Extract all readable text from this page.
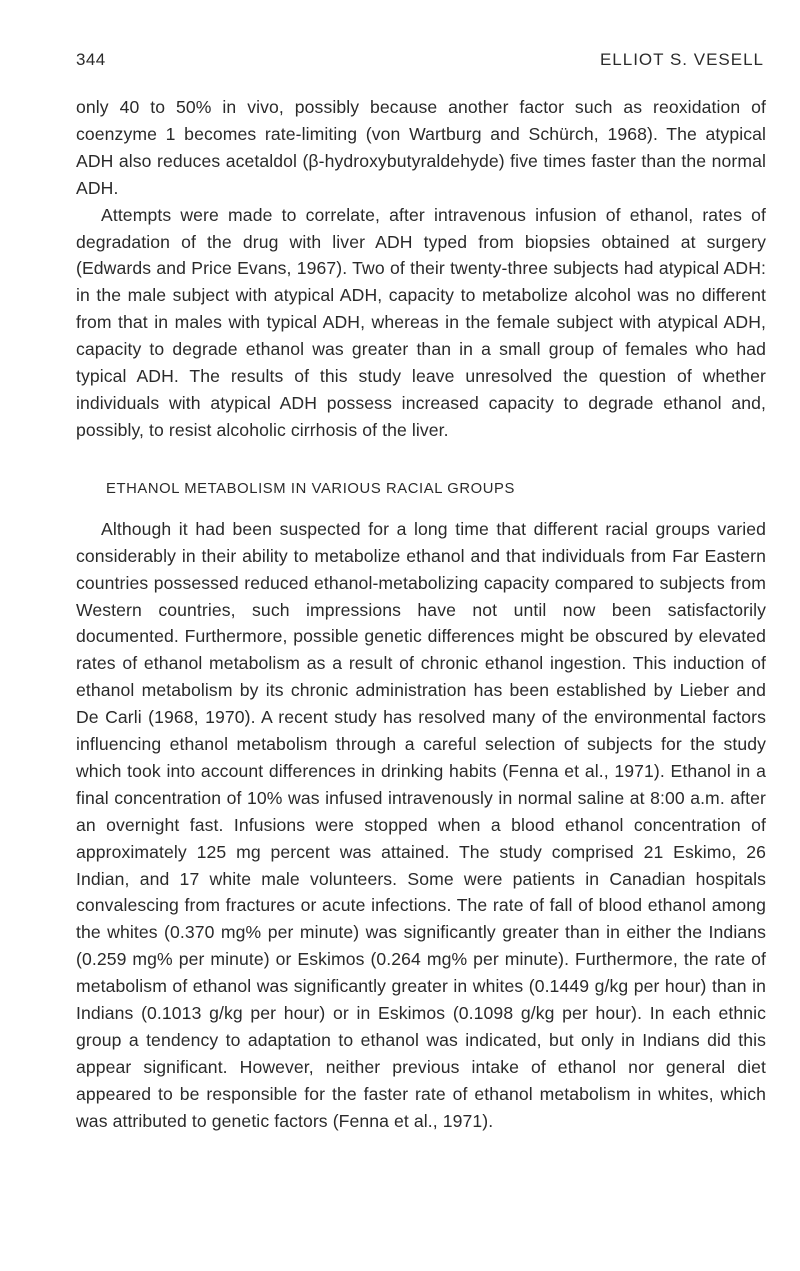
344	ELLIOT S. VESELL

only 40 to 50% in vivo, possibly because another factor such as reoxidation of coenzyme 1 becomes rate-limiting (von Wartburg and Schürch, 1968). The atypical ADH also reduces acetaldol (β-hydroxybutyraldehyde) five times faster than the normal ADH.

Attempts were made to correlate, after intravenous infusion of ethanol, rates of degradation of the drug with liver ADH typed from biopsies obtained at surgery (Edwards and Price Evans, 1967). Two of their twenty-three subjects had atypical ADH: in the male subject with atypical ADH, capacity to metabolize alcohol was no different from that in males with typical ADH, whereas in the female subject with atypical ADH, capacity to degrade ethanol was greater than in a small group of females who had typical ADH. The results of this study leave unresolved the question of whether individuals with atypical ADH possess increased capacity to degrade ethanol and, possibly, to resist alcoholic cirrhosis of the liver.

ETHANOL METABOLISM IN VARIOUS RACIAL GROUPS

Although it had been suspected for a long time that different racial groups varied considerably in their ability to metabolize ethanol and that individuals from Far Eastern countries possessed reduced ethanol-metabolizing capacity compared to subjects from Western countries, such impressions have not until now been satisfactorily documented. Furthermore, possible genetic differences might be obscured by elevated rates of ethanol metabolism as a result of chronic ethanol ingestion. This induction of ethanol metabolism by its chronic administration has been established by Lieber and De Carli (1968, 1970). A recent study has resolved many of the environmental factors influencing ethanol metabolism through a careful selection of subjects for the study which took into account differences in drinking habits (Fenna et al., 1971). Ethanol in a final concentration of 10% was infused intravenously in normal saline at 8:00 a.m. after an overnight fast. Infusions were stopped when a blood ethanol concentration of approximately 125 mg percent was attained. The study comprised 21 Eskimo, 26 Indian, and 17 white male volunteers. Some were patients in Canadian hospitals convalescing from fractures or acute infections. The rate of fall of blood ethanol among the whites (0.370 mg% per minute) was significantly greater than in either the Indians (0.259 mg% per minute) or Eskimos (0.264 mg% per minute). Furthermore, the rate of metabolism of ethanol was significantly greater in whites (0.1449 g/kg per hour) than in Indians (0.1013 g/kg per hour) or in Eskimos (0.1098 g/kg per hour). In each ethnic group a tendency to adaptation to ethanol was indicated, but only in Indians did this appear significant. However, neither previous intake of ethanol nor general diet appeared to be responsible for the faster rate of ethanol metabolism in whites, which was attributed to genetic factors (Fenna et al., 1971).
